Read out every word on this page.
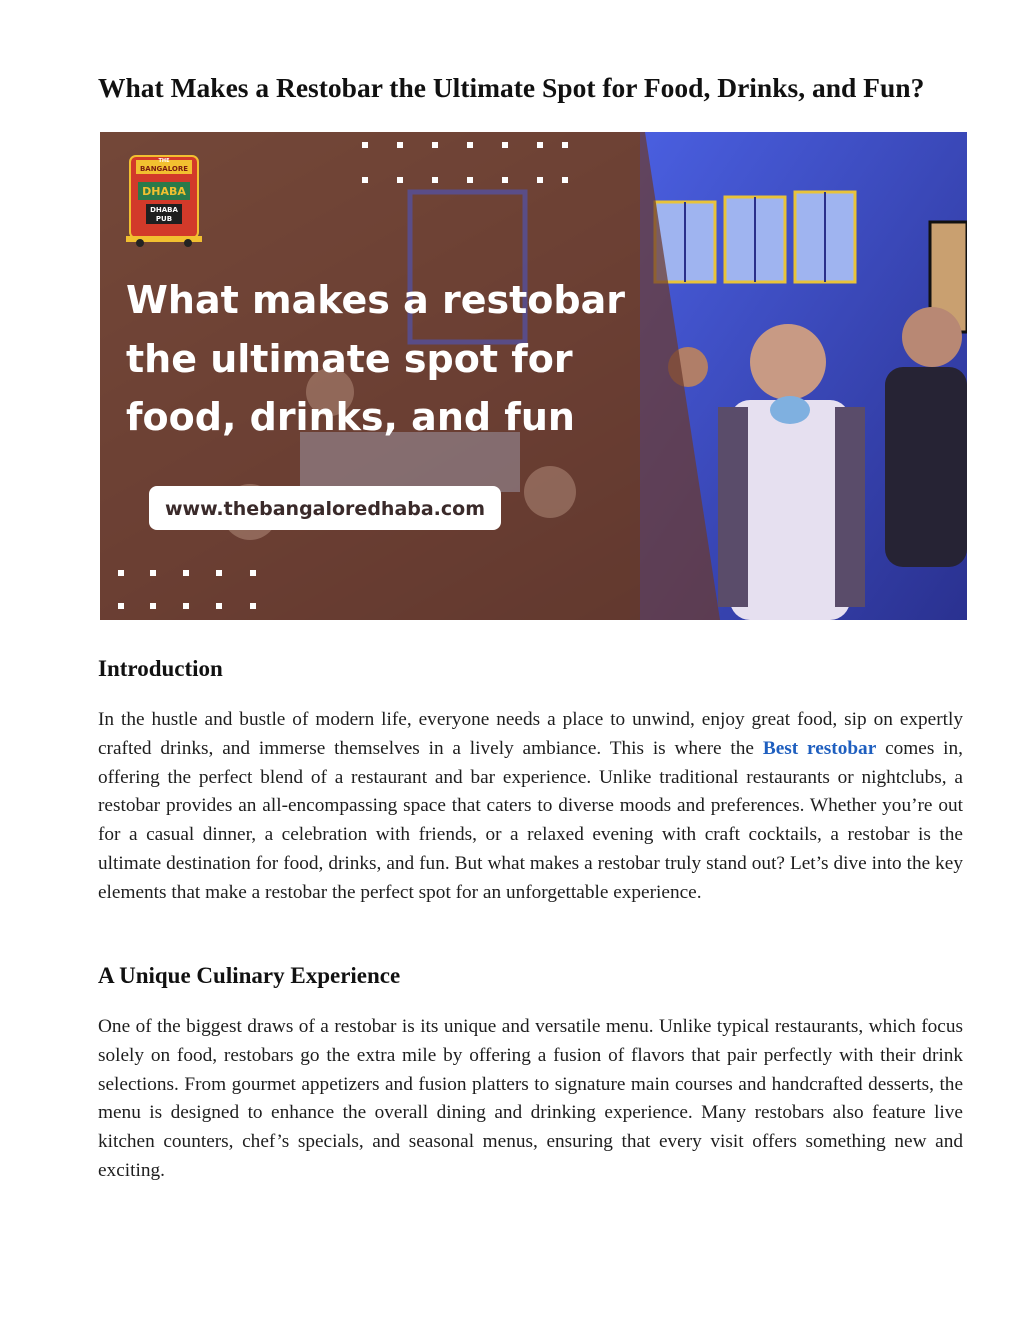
What Makes a Restobar the Ultimate Spot for Food, Drinks, and Fun?
THE
BANGALORE
DHABA
DHABA
PUB
What makes a restobar
the ultimate spot for
food, drinks, and fun
www.thebangaloredhaba.com
Introduction

In the hustle and bustle of modern life, everyone needs a place to unwind, enjoy great food, sip on expertly crafted drinks, and immerse themselves in a lively ambiance. This is where the Best restobar comes in, offering the perfect blend of a restaurant and bar experience. Unlike traditional restaurants or nightclubs, a restobar provides an all-encompassing space that caters to diverse moods and preferences. Whether you’re out for a casual dinner, a celebration with friends, or a relaxed evening with craft cocktails, a restobar is the ultimate destination for food, drinks, and fun. But what makes a restobar truly stand out? Let’s dive into the key elements that make a restobar the perfect spot for an unforgettable experience.

A Unique Culinary Experience

One of the biggest draws of a restobar is its unique and versatile menu. Unlike typical restaurants, which focus solely on food, restobars go the extra mile by offering a fusion of flavors that pair perfectly with their drink selections. From gourmet appetizers and fusion platters to signature main courses and handcrafted desserts, the menu is designed to enhance the overall dining and drinking experience. Many restobars also feature live kitchen counters, chef’s specials, and seasonal menus, ensuring that every visit offers something new and exciting.
